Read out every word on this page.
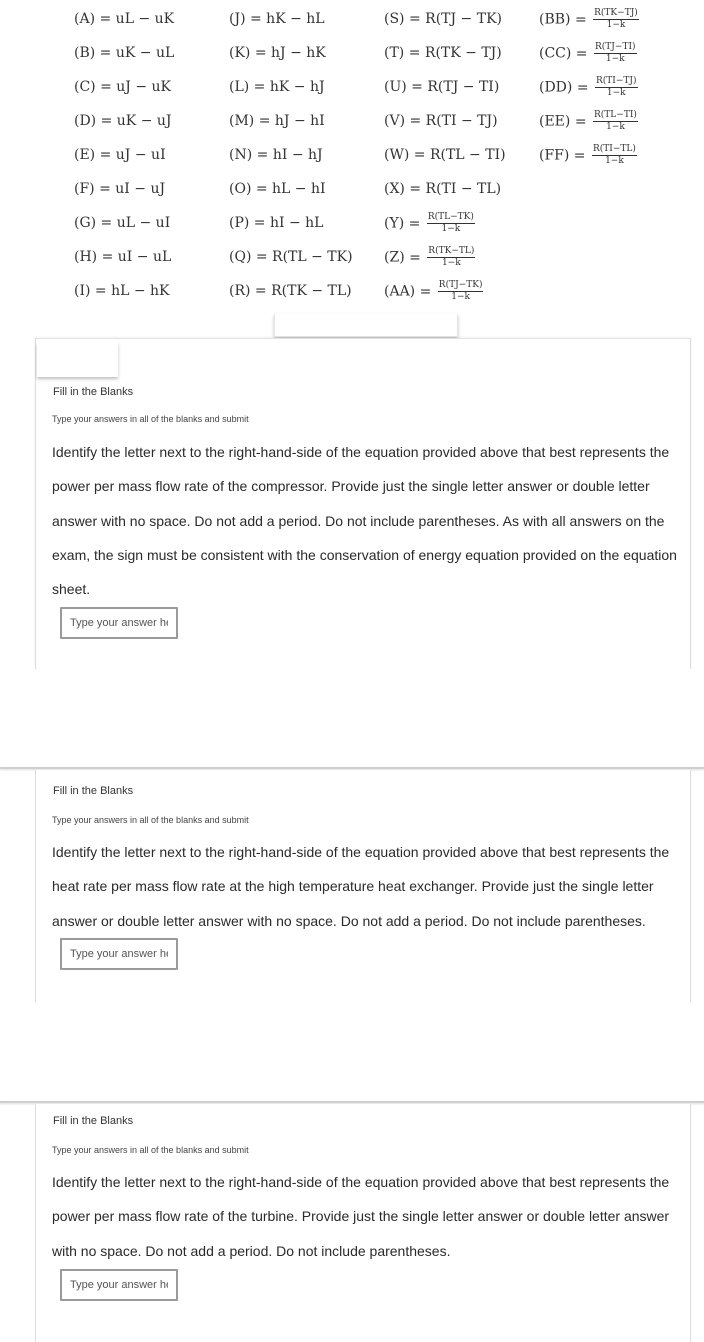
(A) = uL − uK
(B) = uK − uL
(C) = uJ − uK
(D) = uK − uJ
(E) = uJ − uI
(F) = uI − uJ
(G) = uL − uI
(H) = uI − uL
(I) = hL − hK
(J) = hK − hL
(K) = hJ − hK
(L) = hK − hJ
(M) = hJ − hI
(N) = hI − hJ
(O) = hL − hI
(P) = hI − hL
(Q) = R(TL − TK)
(R) = R(TK − TL)
(S) = R(TJ − TK)
(T) = R(TK − TJ)
(U) = R(TJ − TI)
(V) = R(TI − TJ)
(W) = R(TL − TI)
(X) = R(TI − TL)
$(Y) = \frac{R(TL-TK)}{1-k}$
$(Z) = \frac{R(TK-TL)}{1-k}$
$(AA) = \frac{R(TJ-TK)}{1-k}$
$(BB) = \frac{R(TK-TJ)}{1-k}$
$(CC) = \frac{R(TJ-TI)}{1-k}$
$(DD) = \frac{R(TI-TJ)}{1-k}$
$(EE) = \frac{R(TL-TI)}{1-k}$
$(FF) = \frac{R(TI-TL)}{1-k}$
Fill in the Blanks
Type your answers in all of the blanks and submit

Identify the letter next to the right-hand-side of the equation provided above that best represents the power per mass flow rate of the compressor. Provide just the single letter answer or double letter answer with no space. Do not add a period. Do not include parentheses. As with all answers on the exam, the sign must be consistent with the conservation of energy equation provided on the equation sheet.

Type your answer here
Fill in the Blanks
Type your answers in all of the blanks and submit

Identify the letter next to the right-hand-side of the equation provided above that best represents the heat rate per mass flow rate at the high temperature heat exchanger. Provide just the single letter answer or double letter answer with no space. Do not add a period. Do not include parentheses.

Type your answer here
Fill in the Blanks
Type your answers in all of the blanks and submit

Identify the letter next to the right-hand-side of the equation provided above that best represents the power per mass flow rate of the turbine. Provide just the single letter answer or double letter answer with no space. Do not add a period. Do not include parentheses.

Type your answer here
